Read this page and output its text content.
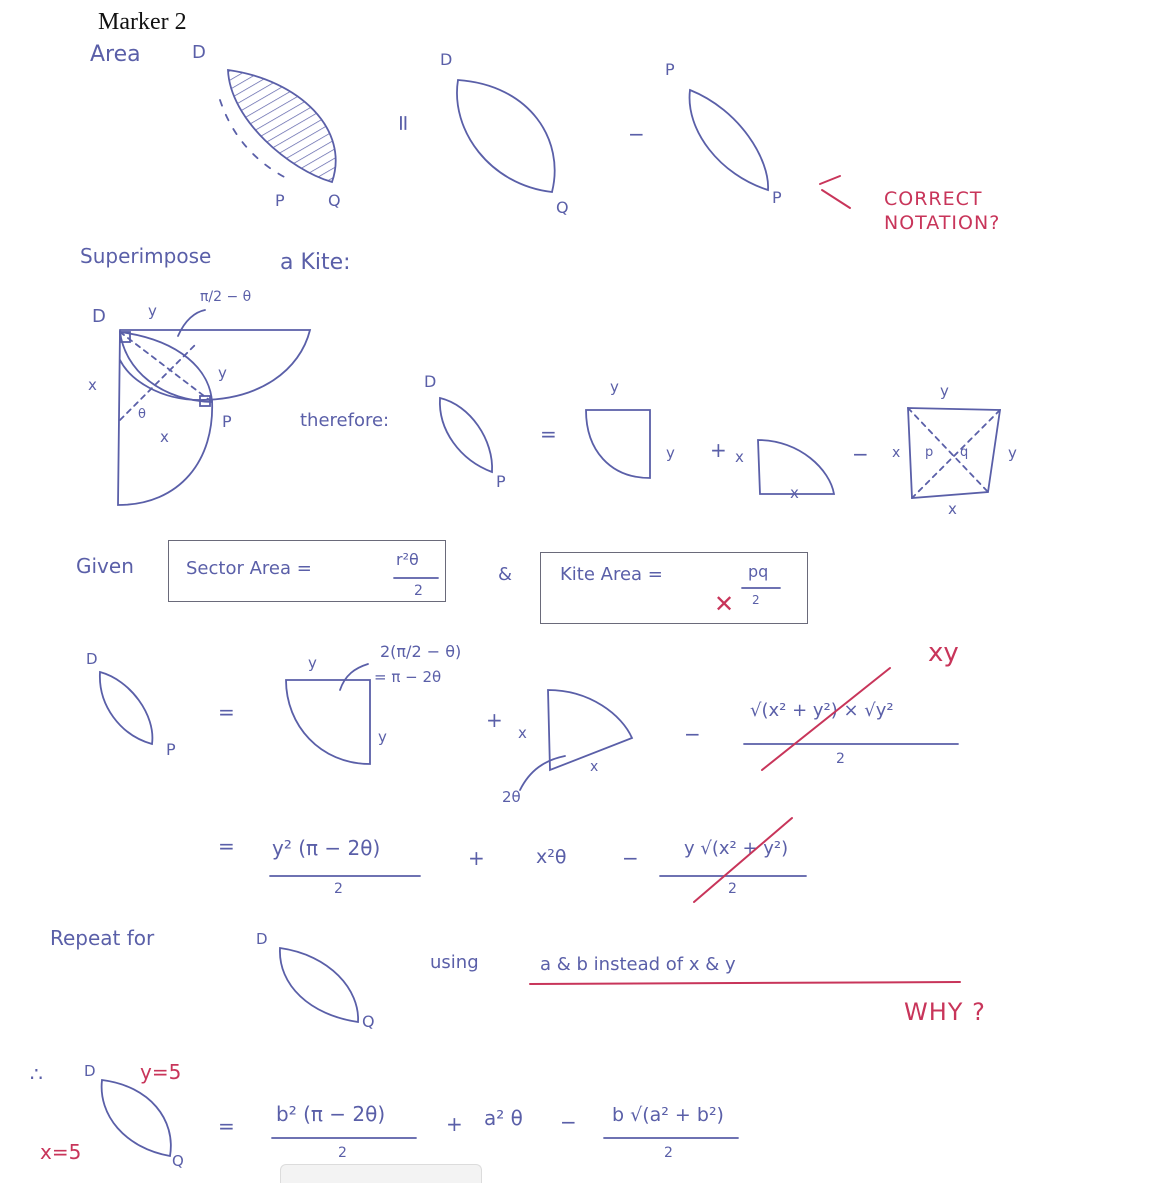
Marker 2
Area	D
P	Q
=
D
Q
−
P
P	CORRECT NOTATION?
Superimpose	a Kite:
D	y
π/2 − θ
y
x
θ
x
P	therefore:
D
P
=
y
y + x
x
− x
y
p q	y
x
Given	Sector Area =	r²θ
2
&	Kite Area =	pq
✕ 2
D
P
=
y
2(π/2 − θ)
= π − 2θ
y
+
x
x
2θ
−
xy
√(x² + y²) × √y²
2
= y² (π − 2θ)
2
+	x²θ	−	y √(x² + y²)
2
Repeat for	D
Q
using	a & b instead of x & y
WHY ?
∴	D y=5
x=5	Q
= b² (π − 2θ)
2
+ a² θ − b √(a² + b²)
2
